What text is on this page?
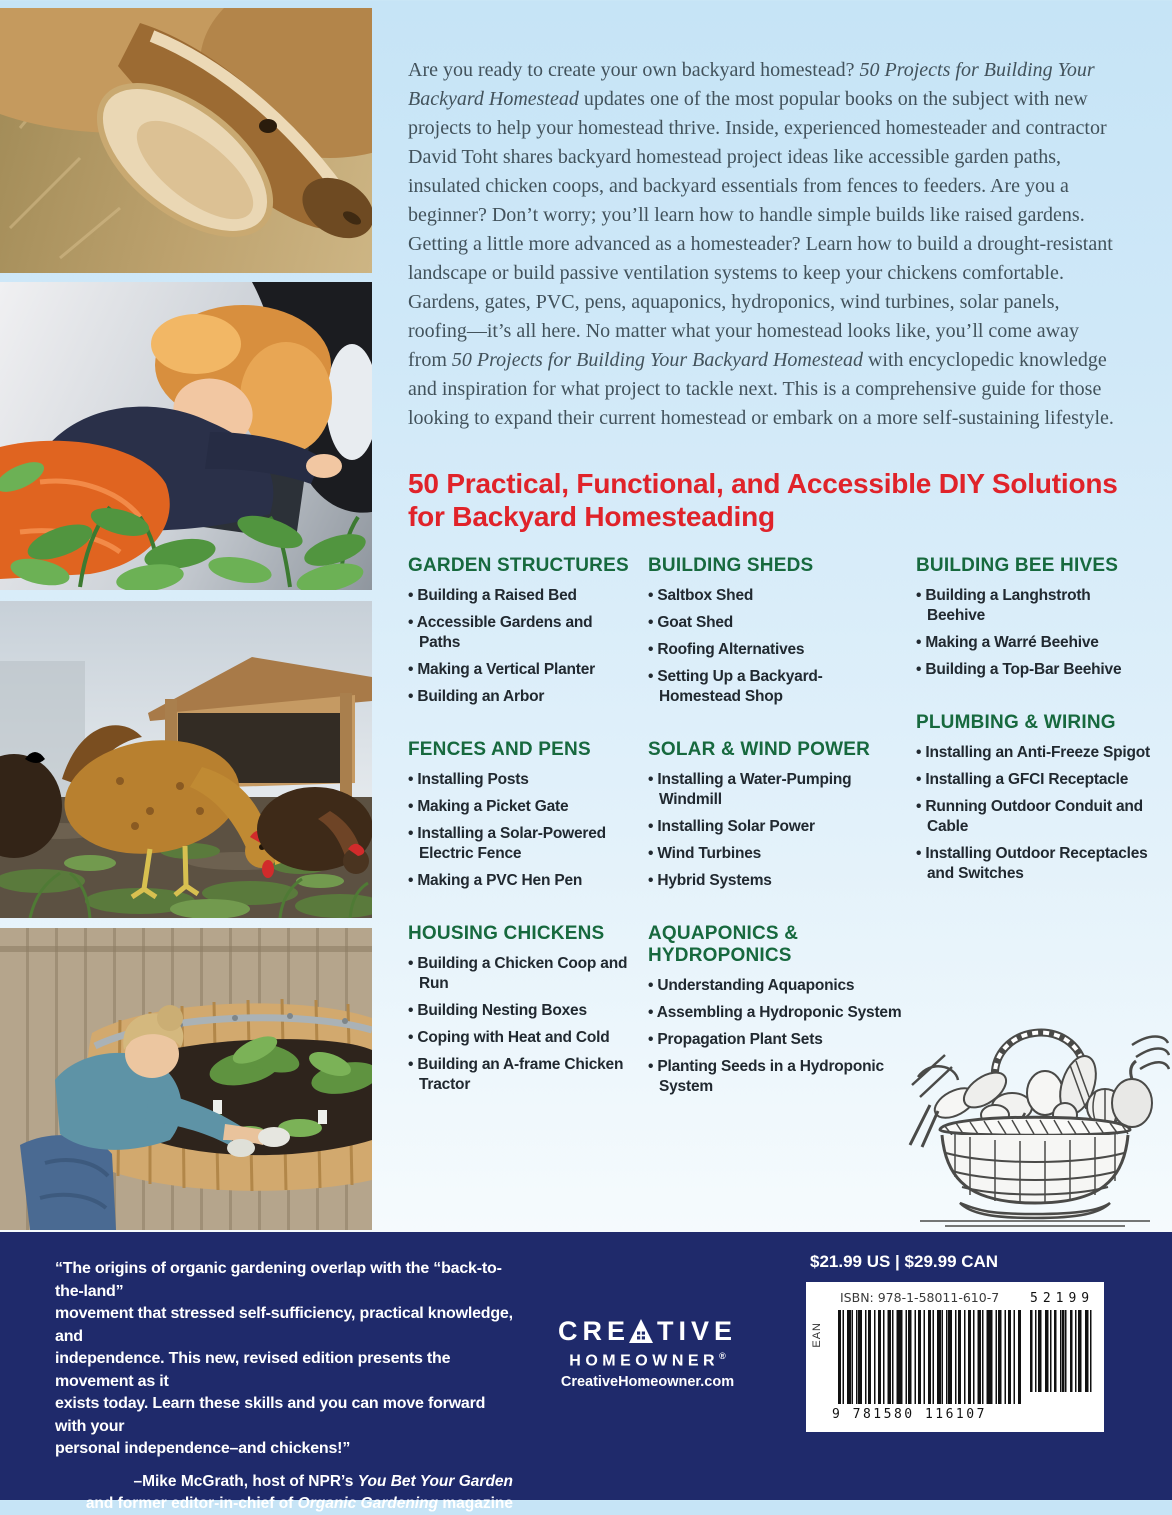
Are you ready to create your own backyard homestead? 50 Projects for Building Your Backyard Homestead updates one of the most popular books on the subject with new projects to help your homestead thrive. Inside, experienced homesteader and contractor David Toht shares backyard homestead project ideas like accessible garden paths, insulated chicken coops, and backyard essentials from fences to feeders. Are you a beginner? Don’t worry; you’ll learn how to handle simple builds like raised gardens. Getting a little more advanced as a homesteader? Learn how to build a drought-resistant landscape or build passive ventilation systems to keep your chickens comfortable. Gardens, gates, PVC, pens, aquaponics, hydroponics, wind turbines, solar panels, roofing—it’s all here. No matter what your homestead looks like, you’ll come away from 50 Projects for Building Your Backyard Homestead with encyclopedic knowledge and inspiration for what project to tackle next. This is a comprehensive guide for those looking to expand their current homestead or embark on a more self-sustaining lifestyle.

50 Practical, Functional, and Accessible DIY Solutions for Backyard Homesteading
GARDEN STRUCTURES
• Building a Raised Bed
• Accessible Gardens and Paths
• Making a Vertical Planter
• Building an Arbor
FENCES AND PENS
• Installing Posts
• Making a Picket Gate
• Installing a Solar-Powered Electric Fence
• Making a PVC Hen Pen
HOUSING CHICKENS
• Building a Chicken Coop and Run
• Building Nesting Boxes
• Coping with Heat and Cold
• Building an A-frame Chicken Tractor
BUILDING SHEDS
• Saltbox Shed
• Goat Shed
• Roofing Alternatives
• Setting Up a Backyard-Homestead Shop
SOLAR & WIND POWER
• Installing a Water-Pumping Windmill
• Installing Solar Power
• Wind Turbines
• Hybrid Systems
AQUAPONICS & HYDROPONICS
• Understanding Aquaponics
• Assembling a Hydroponic System
• Propagation Plant Sets
• Planting Seeds in a Hydroponic System
BUILDING BEE HIVES
• Building a Langhstroth Beehive
• Making a Warré Beehive
• Building a Top-Bar Beehive
PLUMBING & WIRING
• Installing an Anti-Freeze Spigot
• Installing a GFCI Receptacle
• Running Outdoor Conduit and Cable
• Installing Outdoor Receptacles and Switches
“The origins of organic gardening overlap with the “back-to-the-land”
movement that stressed self-sufficiency, practical knowledge, and
independence. This new, revised edition presents the movement as it
exists today. Learn these skills and you can move forward with your
personal independence–and chickens!”
–Mike McGrath, host of NPR’s You Bet Your Garden
and former editor-in-chief of Organic Gardening magazine
CRE TIVE
HOMEOWNER®
CreativeHomeowner.com
$21.99 US | $29.99 CAN
EAN
ISBN: 978-1-58011-610-7
9 781580 116107
52199
